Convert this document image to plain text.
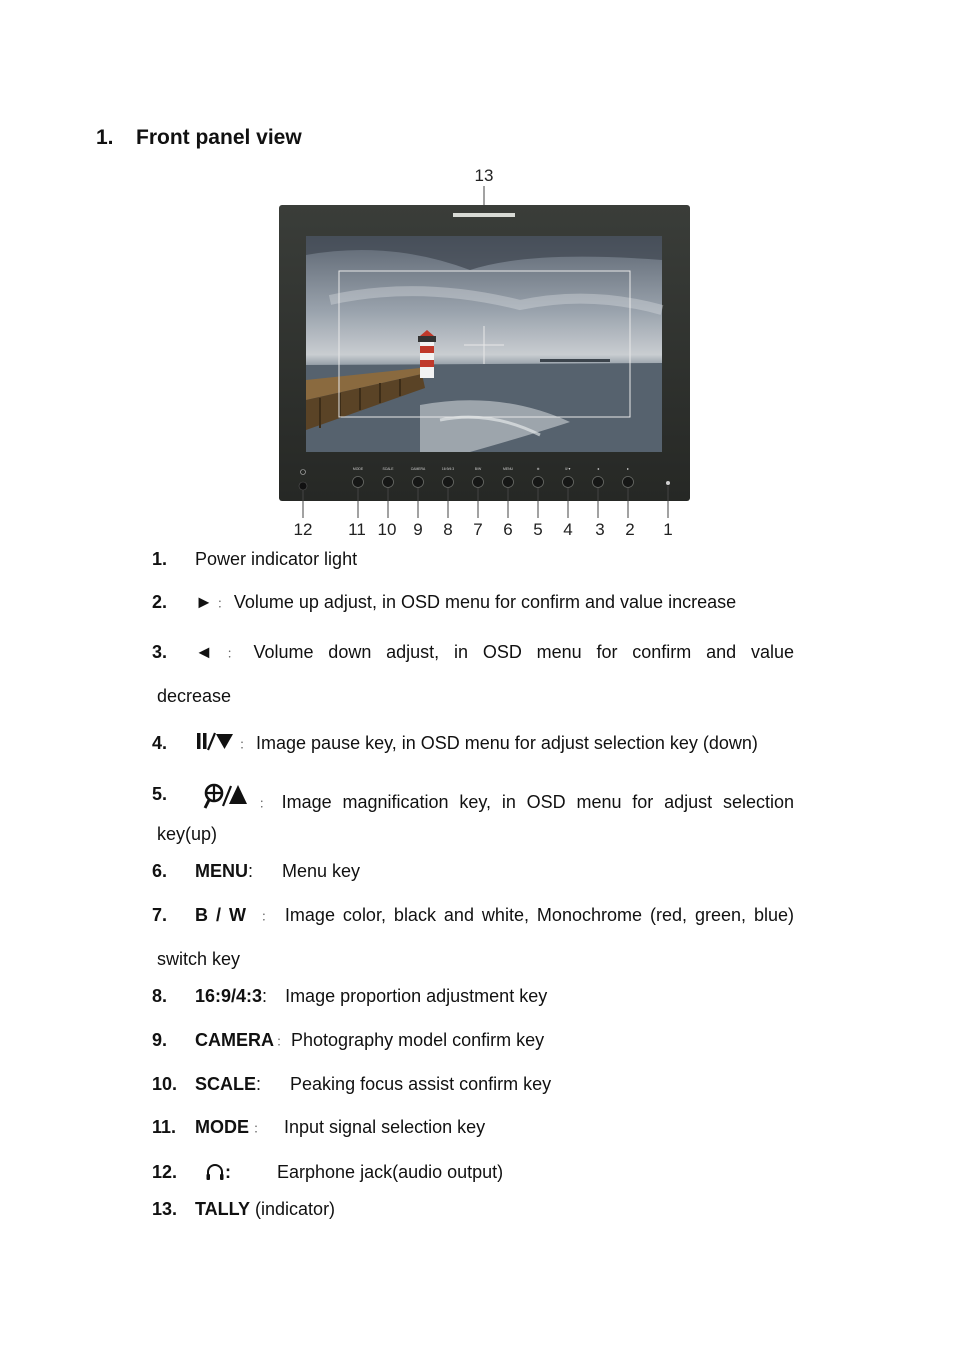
1. Front panel view
13
MODE	SCALE	CAMERA	16:9/4:3	B/W	MENU	⊕	II/▼	◄	►
12 11 10 9 8 7 6 5 4 3 2 1
1. Power indicator light
2. ► ： Volume up adjust, in OSD menu for confirm and value increase
3. ◄ ： Volume down adjust, in OSD menu for confirm and value
decrease
4.	： Image pause key, in OSD menu for adjust selection key (down)
5.	： Image magnification key, in OSD menu for adjust selection
key(up)
6. MENU: Menu key
7. B / W ： Image color, black and white, Monochrome (red, green, blue)
switch key
8. 16:9/4:3: Image proportion adjustment key
9. CAMERA ： Photography model confirm key
10. SCALE: Peaking focus assist confirm key
11. MODE ： Input signal selection key
12.	:	Earphone jack(audio output)
13. TALLY (indicator)
